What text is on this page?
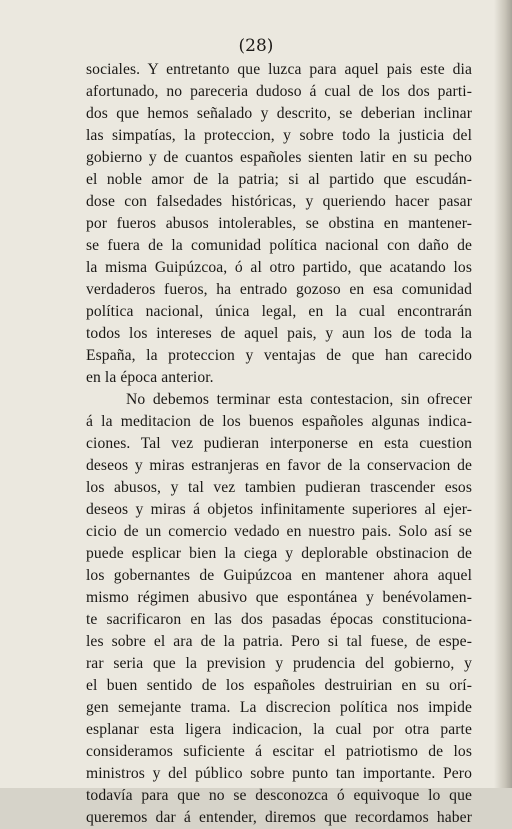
(28)

sociales. Y entretanto que luzca para aquel pais este dia

afortunado, no pareceria dudoso á cual de los dos parti-

dos que hemos señalado y descrito, se deberian inclinar

las simpatías, la proteccion, y sobre todo la justicia del

gobierno y de cuantos españoles sienten latir en su pecho

el noble amor de la patria; si al partido que escudán-

dose con falsedades históricas, y queriendo hacer pasar

por fueros abusos intolerables, se obstina en mantener-

se fuera de la comunidad política nacional con daño de

la misma Guipúzcoa, ó al otro partido, que acatando los

verdaderos fueros, ha entrado gozoso en esa comunidad

política nacional, única legal, en la cual encontrarán

todos los intereses de aquel pais, y aun los de toda la

España, la proteccion y ventajas de que han carecido

en la época anterior.

No debemos terminar esta contestacion, sin ofrecer

á la meditacion de los buenos españoles algunas indica-

ciones. Tal vez pudieran interponerse en esta cuestion

deseos y miras estranjeras en favor de la conservacion de

los abusos, y tal vez tambien pudieran trascender esos

deseos y miras á objetos infinitamente superiores al ejer-

cicio de un comercio vedado en nuestro pais. Solo así se

puede esplicar bien la ciega y deplorable obstinacion de

los gobernantes de Guipúzcoa en mantener ahora aquel

mismo régimen abusivo que espontánea y benévolamen-

te sacrificaron en las dos pasadas épocas constituciona-

les sobre el ara de la patria. Pero si tal fuese, de espe-

rar seria que la prevision y prudencia del gobierno, y

el buen sentido de los españoles destruirian en su orí-

gen semejante trama. La discrecion política nos impide

esplanar esta ligera indicacion, la cual por otra parte

consideramos suficiente á escitar el patriotismo de los

ministros y del público sobre punto tan importante. Pero

todavía para que no se desconozca ó equivoque lo que

queremos dar á entender, diremos que recordamos haber
